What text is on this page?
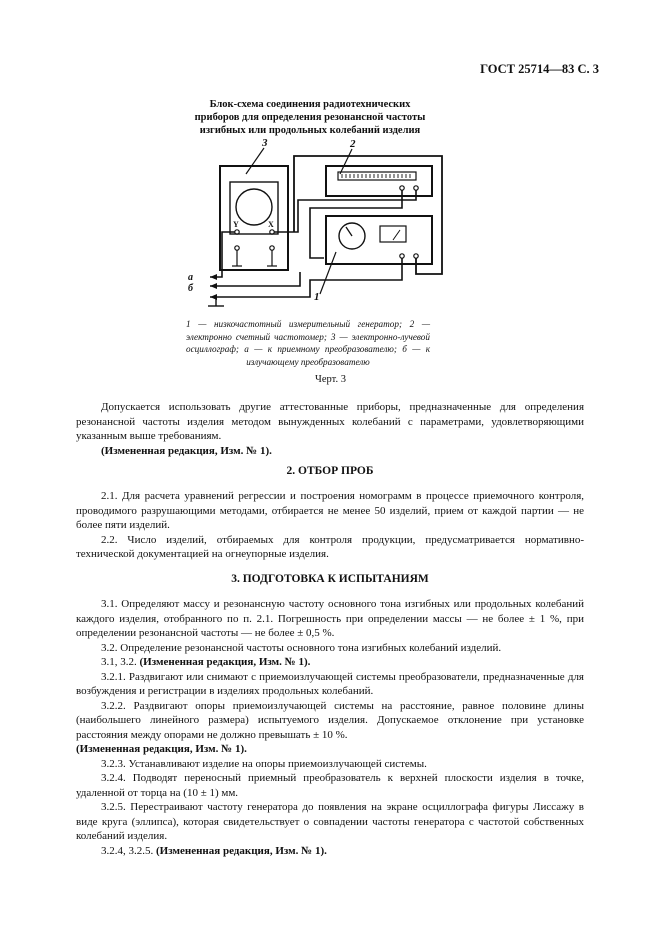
ГОСТ 25714—83 С. 3
Блок-схема соединения радиотехнических
приборов для определения резонансной частоты
изгибных или продольных колебаний изделия
3
Y	X
2
1
a
б
1 — низкочастотный измерительный генератор; 2 — электронно счетный частотомер; 3 — электронно-лучевой осциллограф; а — к приемному преобразователю; б — к излучающему преобразователю
Черт. 3

Допускается использовать другие аттестованные приборы, предназначенные для определения резонансной частоты изделия методом вынужденных колебаний с параметрами, удовлетворяющими указанным выше требованиям.

(Измененная редакция, Изм. № 1).

2. ОТБОР ПРОБ

2.1. Для расчета уравнений регрессии и построения номограмм в процессе приемочного контроля, проводимого разрушающими методами, отбирается не менее 50 изделий, прием от каждой партии — не более пяти изделий.

2.2. Число изделий, отбираемых для контроля продукции, предусматривается нормативно-технической документацией на огнеупорные изделия.

3. ПОДГОТОВКА К ИСПЫТАНИЯМ

3.1. Определяют массу и резонансную частоту основного тона изгибных или продольных колебаний каждого изделия, отобранного по п. 2.1. Погрешность при определении массы — не более ± 1 %, при определении резонансной частоты — не более ± 0,5 %.

3.2. Определение резонансной частоты основного тона изгибных колебаний изделий.

3.1, 3.2. (Измененная редакция, Изм. № 1).

3.2.1. Раздвигают или снимают с приемоизлучающей системы преобразователи, предназначенные для возбуждения и регистрации в изделиях продольных колебаний.

3.2.2. Раздвигают опоры приемоизлучающей системы на расстояние, равное половине длины (наибольшего линейного размера) испытуемого изделия. Допускаемое отклонение при установке расстояния между опорами не должно превышать ± 10 %.

(Измененная редакция, Изм. № 1).

3.2.3. Устанавливают изделие на опоры приемоизлучающей системы.

3.2.4. Подводят переносный приемный преобразователь к верхней плоскости изделия в точке, удаленной от торца на (10 ± 1) мм.

3.2.5. Перестраивают частоту генератора до появления на экране осциллографа фигуры Лиссажу в виде круга (эллипса), которая свидетельствует о совпадении частоты генератора с частотой собственных колебаний изделия.

3.2.4, 3.2.5. (Измененная редакция, Изм. № 1).
